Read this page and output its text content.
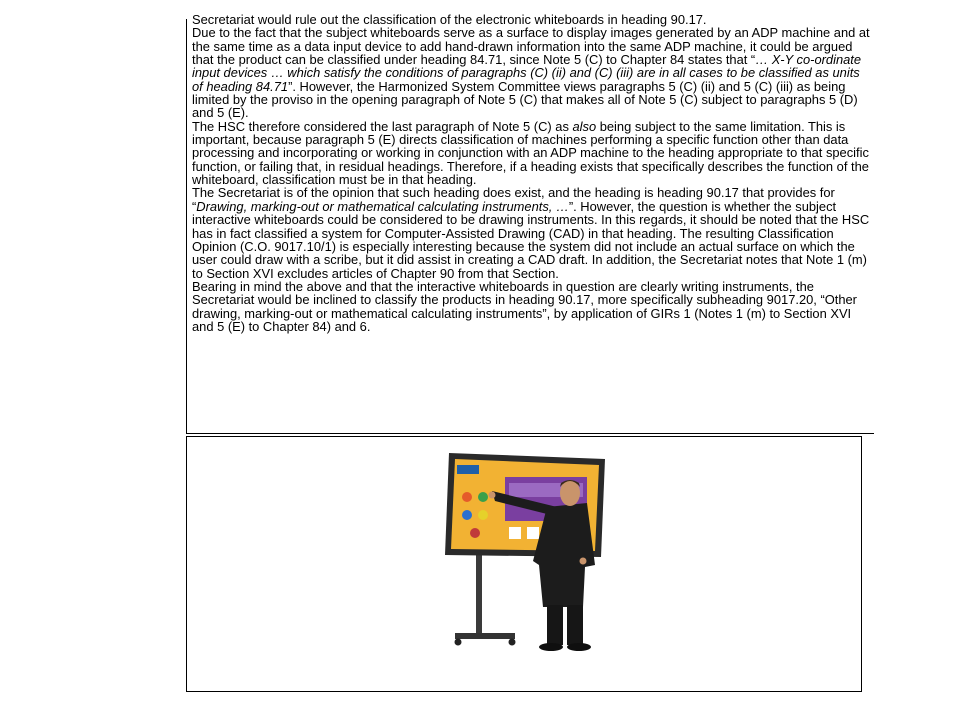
Secretariat would rule out the classification of the electronic whiteboards in heading 90.17.

Due to the fact that the subject whiteboards serve as a surface to display images generated by an ADP machine and at the same time as a data input device to add hand-drawn information into the same ADP machine, it could be argued that the product can be classified under heading 84.71, since Note 5 (C) to Chapter 84 states that “… X-Y co-ordinate input devices … which satisfy the conditions of paragraphs (C) (ii) and (C) (iii) are in all cases to be classified as units of heading 84.71”. However, the Harmonized System Committee views paragraphs 5 (C) (ii) and 5 (C) (iii) as being limited by the proviso in the opening paragraph of Note 5 (C) that makes all of Note 5 (C) subject to paragraphs 5 (D) and 5 (E).

The HSC therefore considered the last paragraph of Note 5 (C) as also being subject to the same limitation. This is important, because paragraph 5 (E) directs classification of machines performing a specific function other than data processing and incorporating or working in conjunction with an ADP machine to the heading appropriate to that specific function, or failing that, in residual headings. Therefore, if a heading exists that specifically describes the function of the whiteboard, classification must be in that heading.

The Secretariat is of the opinion that such heading does exist, and the heading is heading 90.17 that provides for “Drawing, marking-out or mathematical calculating instruments, …”. However, the question is whether the subject interactive whiteboards could be considered to be drawing instruments. In this regards, it should be noted that the HSC has in fact classified a system for Computer-Assisted Drawing (CAD) in that heading. The resulting Classification Opinion (C.O. 9017.10/1) is especially interesting because the system did not include an actual surface on which the user could draw with a scribe, but it did assist in creating a CAD draft. In addition, the Secretariat notes that Note 1 (m) to Section XVI excludes articles of Chapter 90 from that Section.

Bearing in mind the above and that the interactive whiteboards in question are clearly writing instruments, the Secretariat would be inclined to classify the products in heading 90.17, more specifically subheading 9017.20, “Other drawing, marking-out or mathematical calculating instruments”, by application of GIRs 1 (Notes 1 (m) to Section XVI and 5 (E) to Chapter 84) and 6.
